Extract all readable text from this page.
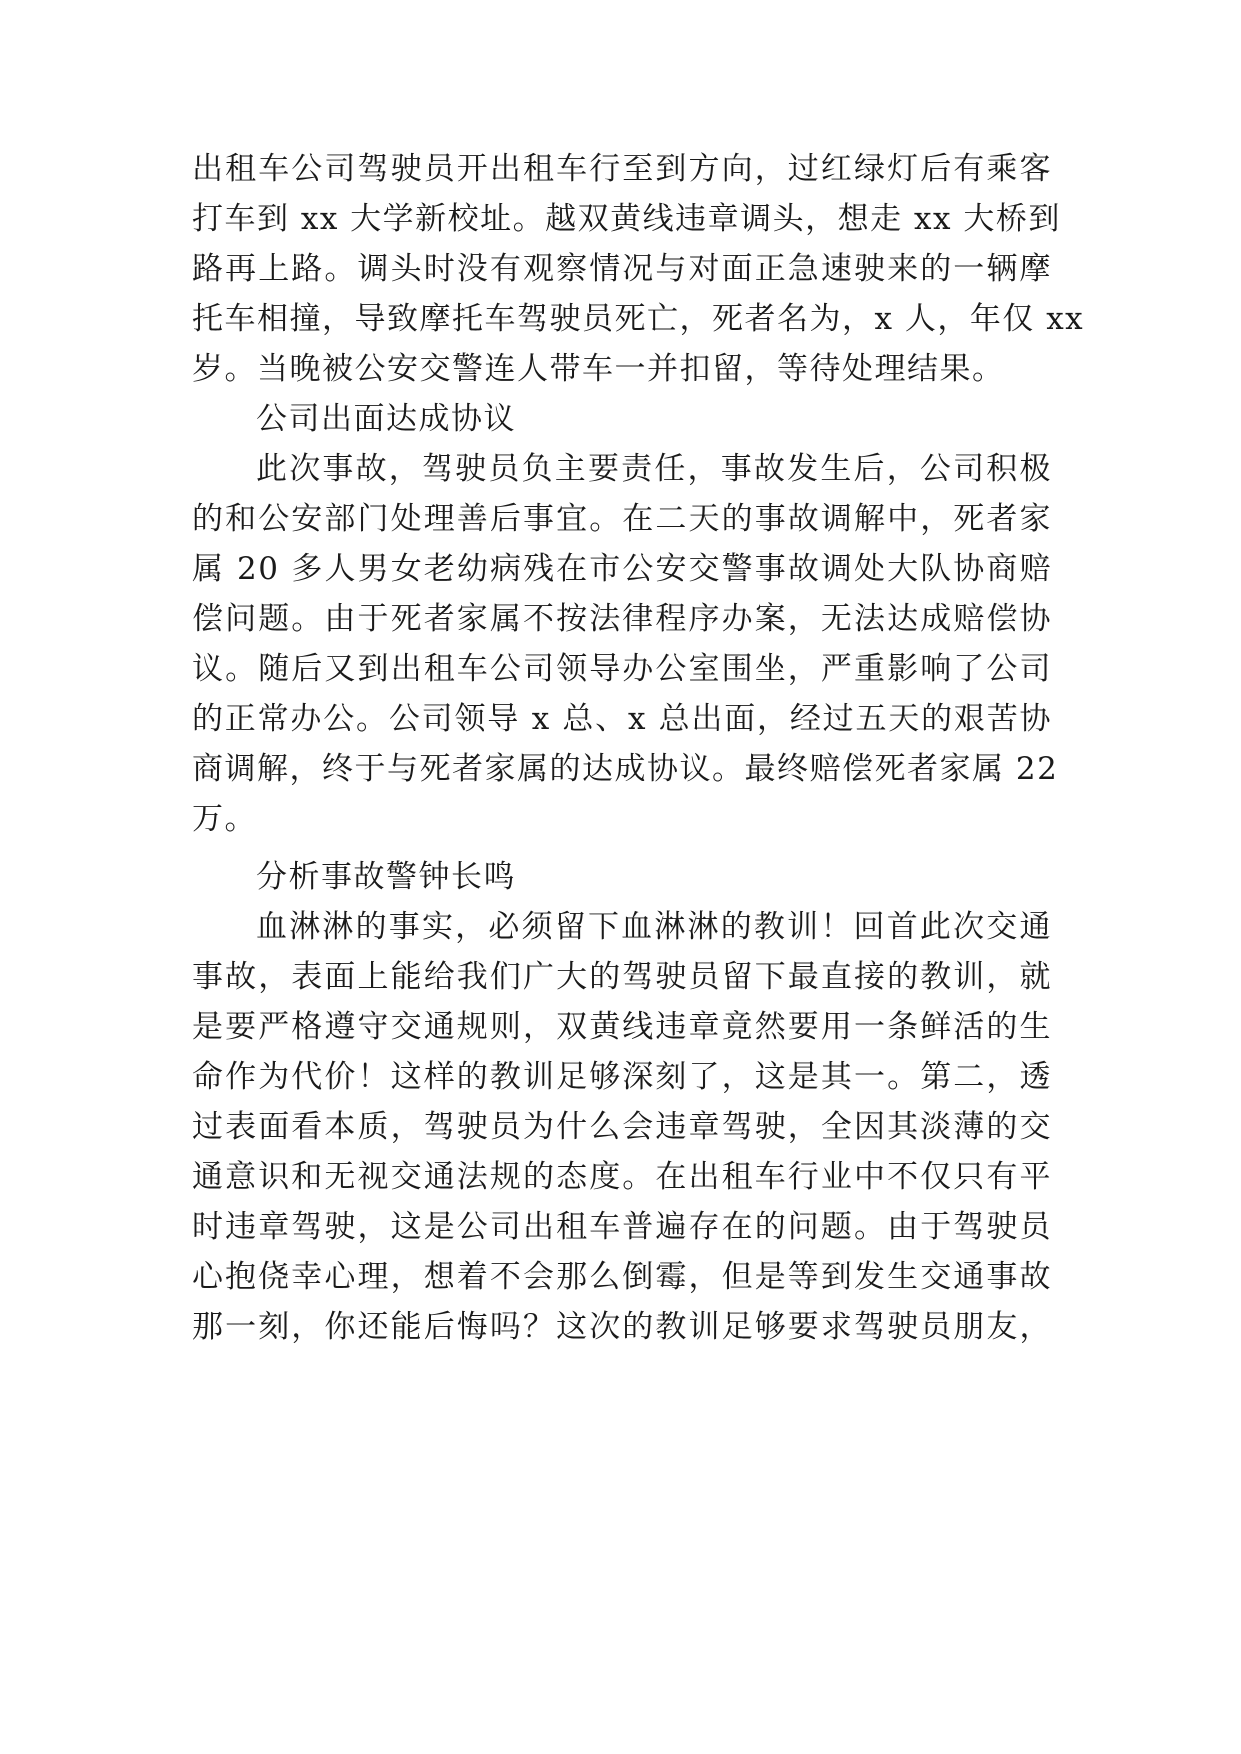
出租车公司驾驶员开出租车行至到方向，过红绿灯后有乘客
打车到 xx 大学新校址。越双黄线违章调头，想走 xx 大桥到
路再上路。调头时没有观察情况与对面正急速驶来的一辆摩
托车相撞，导致摩托车驾驶员死亡，死者名为，x 人，年仅 xx
岁。当晚被公安交警连人带车一并扣留，等待处理结果。
公司出面达成协议
此次事故，驾驶员负主要责任，事故发生后，公司积极
的和公安部门处理善后事宜。在二天的事故调解中，死者家
属 20 多人男女老幼病残在市公安交警事故调处大队协商赔
偿问题。由于死者家属不按法律程序办案，无法达成赔偿协
议。随后又到出租车公司领导办公室围坐，严重影响了公司
的正常办公。公司领导 x 总、x 总出面，经过五天的艰苦协
商调解，终于与死者家属的达成协议。最终赔偿死者家属 22
万。
分析事故警钟长鸣
血淋淋的事实，必须留下血淋淋的教训！回首此次交通
事故，表面上能给我们广大的驾驶员留下最直接的教训，就
是要严格遵守交通规则，双黄线违章竟然要用一条鲜活的生
命作为代价！这样的教训足够深刻了，这是其一。第二，透
过表面看本质，驾驶员为什么会违章驾驶，全因其淡薄的交
通意识和无视交通法规的态度。在出租车行业中不仅只有平
时违章驾驶，这是公司出租车普遍存在的问题。由于驾驶员
心抱侥幸心理，想着不会那么倒霉，但是等到发生交通事故
那一刻，你还能后悔吗？这次的教训足够要求驾驶员朋友，
